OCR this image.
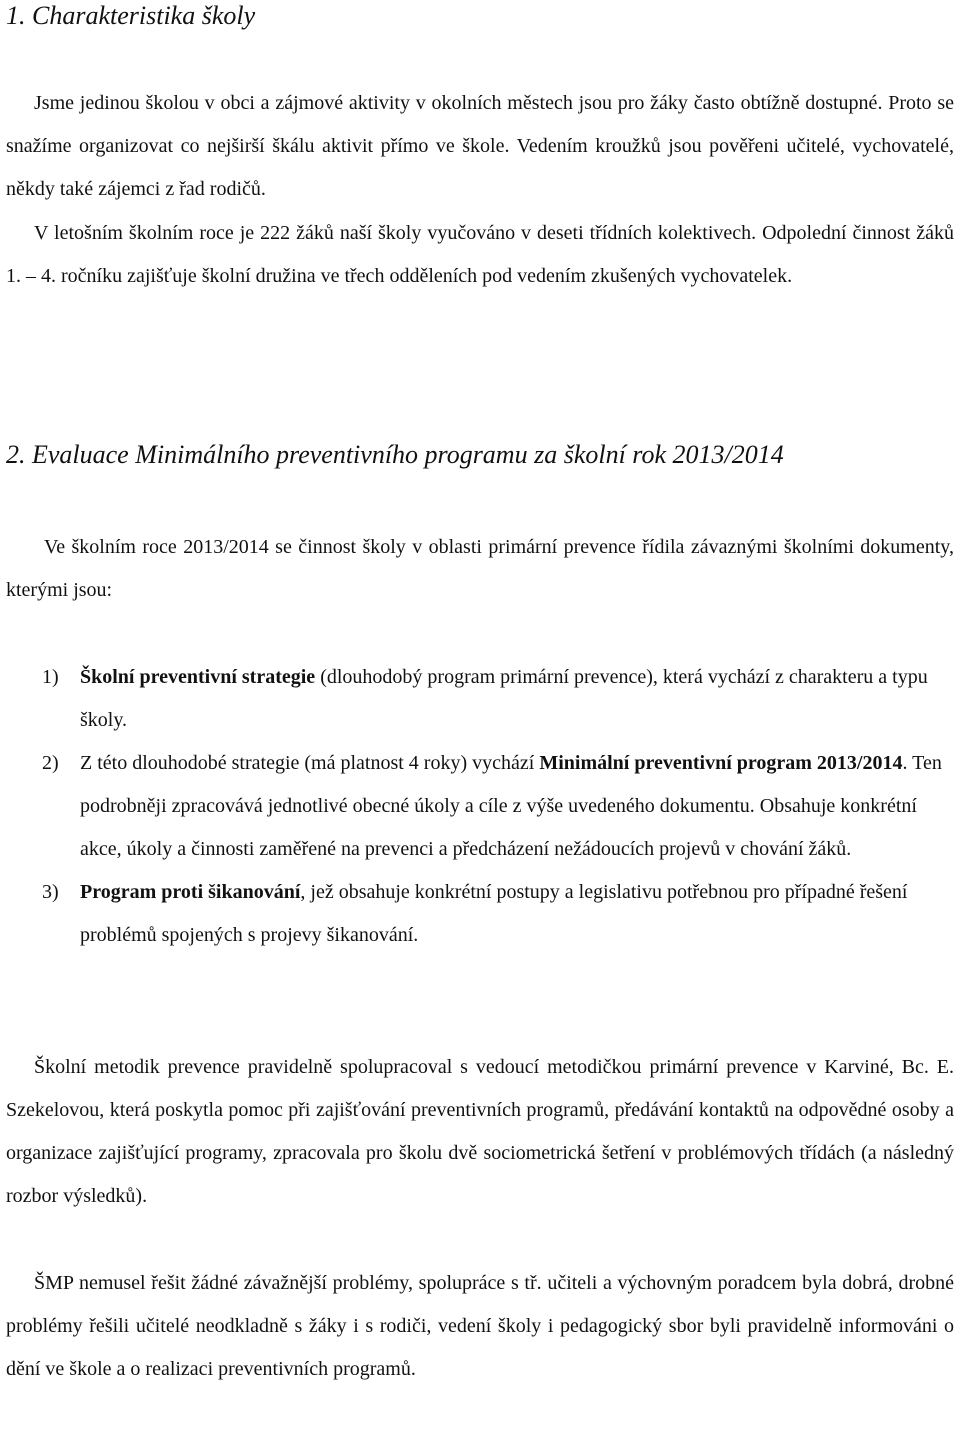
1. Charakteristika školy

Jsme jedinou školou v obci a zájmové aktivity v okolních městech jsou pro žáky často obtížně dostupné. Proto se snažíme organizovat co nejširší škálu aktivit přímo ve škole. Vedením kroužků jsou pověřeni učitelé, vychovatelé, někdy také zájemci z řad rodičů.

V letošním školním roce je 222 žáků naší školy vyučováno v deseti třídních kolektivech. Odpolední činnost žáků 1. – 4. ročníku zajišťuje školní družina ve třech odděleních pod vedením zkušených vychovatelek.

2. Evaluace Minimálního preventivního programu za školní rok 2013/2014

Ve školním roce 2013/2014 se činnost školy v oblasti primární prevence řídila závaznými školními dokumenty, kterými jsou:

1) Školní preventivní strategie (dlouhodobý program primární prevence), která vychází z charakteru a typu školy.
2) Z této dlouhodobé strategie (má platnost 4 roky) vychází Minimální preventivní program 2013/2014. Ten podrobněji zpracovává jednotlivé obecné úkoly a cíle z výše uvedeného dokumentu. Obsahuje konkrétní akce, úkoly a činnosti zaměřené na prevenci a předcházení nežádoucích projevů v chování žáků.
3) Program proti šikanování, jež obsahuje konkrétní postupy a legislativu potřebnou pro případné řešení problémů spojených s projevy šikanování.

Školní metodik prevence pravidelně spolupracoval s vedoucí metodičkou primární prevence v Karviné, Bc. E. Szekelovou, která poskytla pomoc při zajišťování preventivních programů, předávání kontaktů na odpovědné osoby a organizace zajišťující programy, zpracovala pro školu dvě sociometrická šetření v problémových třídách (a následný rozbor výsledků).

ŠMP nemusel řešit žádné závažnější problémy, spolupráce s tř. učiteli a výchovným poradcem byla dobrá, drobné problémy řešili učitelé neodkladně s žáky i s rodiči, vedení školy i pedagogický sbor byli pravidelně informováni o dění ve škole a o realizaci preventivních programů.
